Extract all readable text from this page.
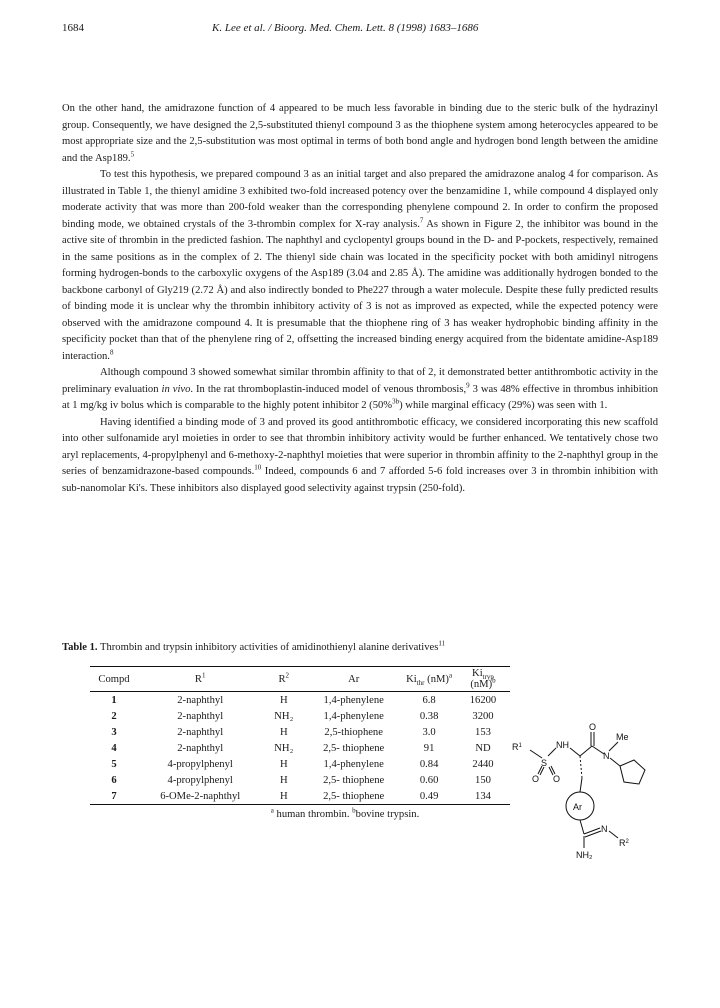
1684	K. Lee et al. / Bioorg. Med. Chem. Lett. 8 (1998) 1683–1686

On the other hand, the amidrazone function of 4 appeared to be much less favorable in binding due to the steric bulk of the hydrazinyl group. Consequently, we have designed the 2,5-substituted thienyl compound 3 as the thiophene system among heterocycles appeared to be most appropriate size and the 2,5-substitution was most optimal in terms of both bond angle and hydrogen bond length between the amidine and the Asp189.$^5$

To test this hypothesis, we prepared compound 3 as an initial target and also prepared the amidrazone analog 4 for comparison. As illustrated in Table 1, the thienyl amidine 3 exhibited two-fold increased potency over the benzamidine 1, while compound 4 displayed only moderate activity that was more than 200-fold weaker than the corresponding phenylene compound 2. In order to confirm the proposed binding mode, we obtained crystals of the 3-thrombin complex for X-ray analysis.$^7$ As shown in Figure 2, the inhibitor was bound in the active site of thrombin in the predicted fashion. The naphthyl and cyclopentyl groups bound in the D- and P-pockets, respectively, remained in the same positions as in the complex of 2. The thienyl side chain was located in the specificity pocket with both amidinyl nitrogens forming hydrogen-bonds to the carboxylic oxygens of the Asp189 (3.04 and 2.85 Å). The amidine was additionally hydrogen bonded to the backbone carbonyl of Gly219 (2.72 Å) and also indirectly bonded to Phe227 through a water molecule. Despite these fully predicted results of binding mode it is unclear why the thrombin inhibitory activity of 3 is not as improved as expected, while the expected potency were observed with the amidrazone compound 4. It is presumable that the thiophene ring of 3 has weaker hydrophobic binding affinity in the specificity pocket than that of the phenylene ring of 2, offsetting the increased binding energy acquired from the bidentate amidine-Asp189 interaction.$^8$

Although compound 3 showed somewhat similar thrombin affinity to that of 2, it demonstrated better antithrombotic activity in the preliminary evaluation in vivo. In the rat thromboplastin-induced model of venous thrombosis,$^9$ 3 was 48% effective in thrombus inhibition at 1 mg/kg iv bolus which is comparable to the highly potent inhibitor 2 (50%$^{3b}$) while marginal efficacy (29%) was seen with 1.

Having identified a binding mode of 3 and proved its good antithrombotic efficacy, we considered incorporating this new scaffold into other sulfonamide aryl moieties in order to see that thrombin inhibitory activity would be further enhanced. We tentatively chose two aryl replacements, 4-propylphenyl and 6-methoxy-2-naphthyl moieties that were superior in thrombin affinity to the 2-naphthyl group in the series of benzamidrazone-based compounds.$^{10}$ Indeed, compounds 6 and 7 afforded 5-6 fold increases over 3 in thrombin inhibition with sub-nanomolar Ki's. These inhibitors also displayed good selectivity against trypsin (250-fold).

Table 1. Thrombin and trypsin inhibitory activities of amidinothienyl alanine derivatives$^{11}$
Compd	$R^1$	$R^2$	Ar	$Ki_{thr}$ (nM)$^a$	$Ki_{tryp}$ (nM)$^b$
1	2-naphthyl	H	1,4-phenylene	6.8	16200
2	2-naphthyl	NH₂	1,4-phenylene	0.38	3200
3	2-naphthyl	H	2,5-thiophene	3.0	153
4	2-naphthyl	NH₂	2,5- thiophene	91	ND
5	4-propylphenyl	H	1,4-phenylene	0.84	2440
6	4-propylphenyl	H	2,5- thiophene	0.60	150
7	6-OMe-2-naphthyl	H	2,5- thiophene	0.49	134
$^a$ human thrombin. $^b$bovine trypsin.
$R^1$
S
NH
O O
O
N
Me
Ar
N
$R^2$
NH₂
